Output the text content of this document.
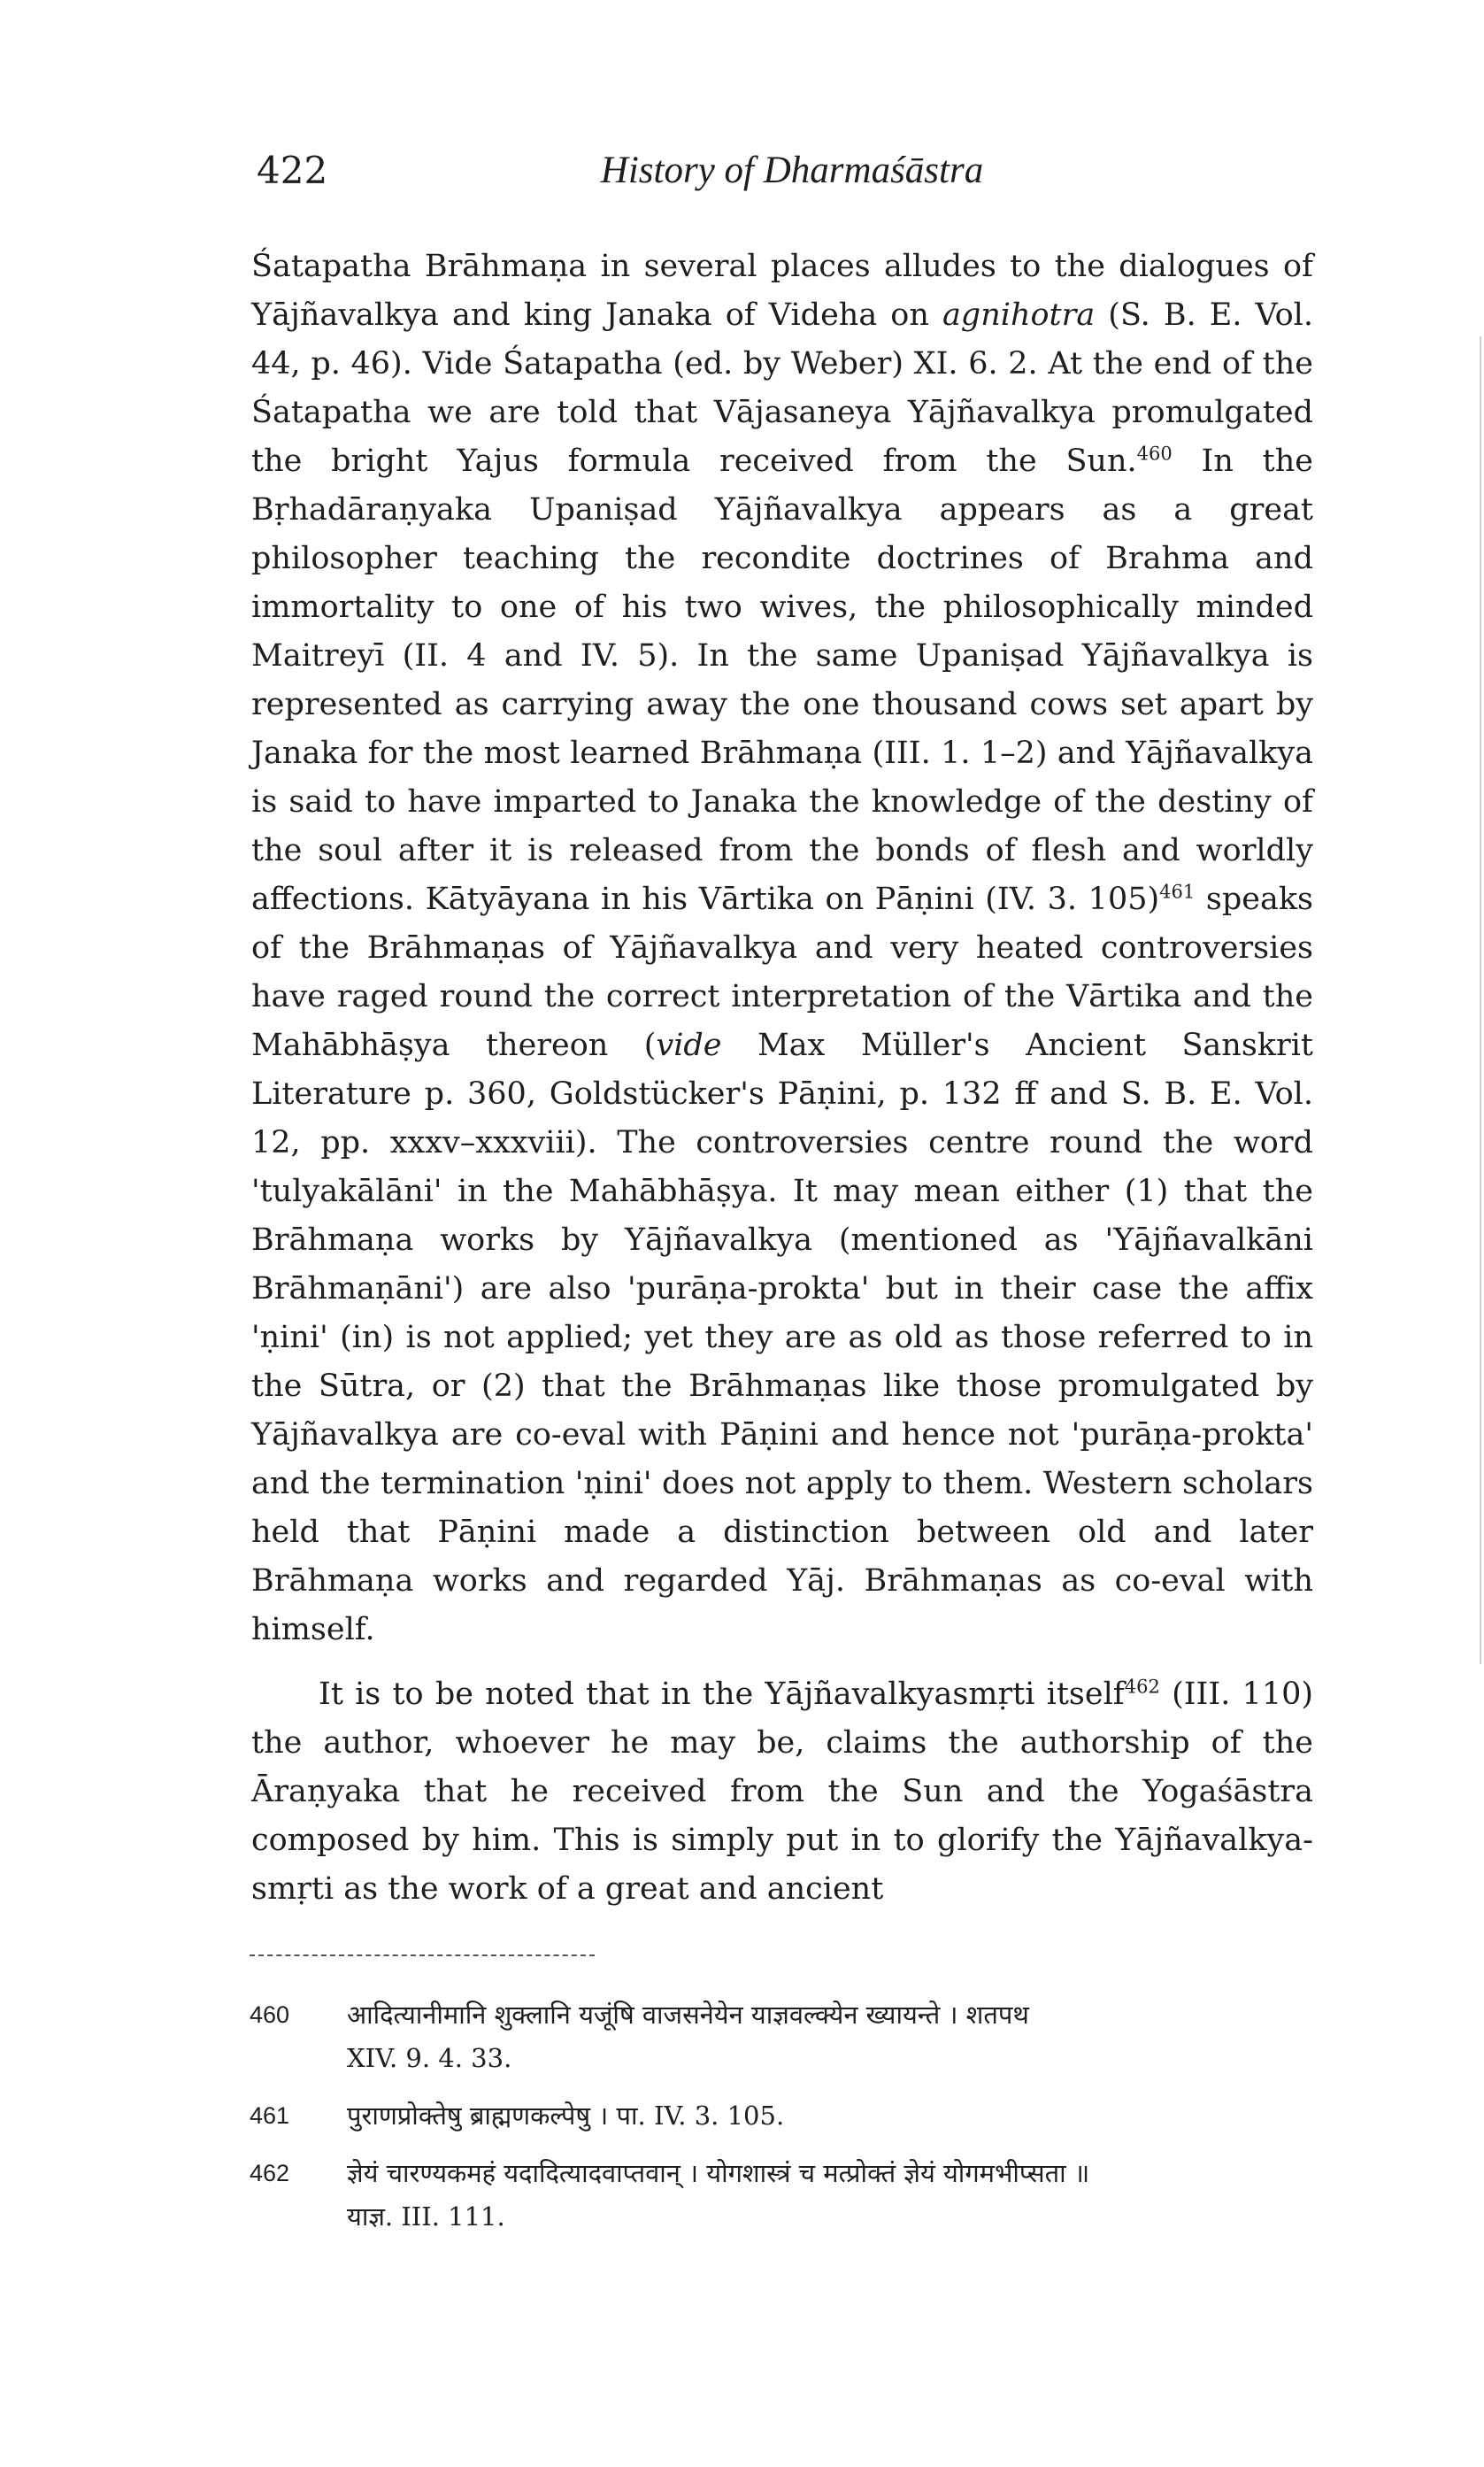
422	History of Dharmaśāstra

Śatapatha Brāhmaṇa in several places alludes to the dialogues of Yājñavalkya and king Janaka of Videha on agnihotra (S. B. E. Vol. 44, p. 46). Vide Śatapatha (ed. by Weber) XI. 6. 2. At the end of the Śatapatha we are told that Vājasaneya Yājñavalkya promulgated the bright Yajus formula received from the Sun.$^{460}$ In the Bṛhadāraṇyaka Upaniṣad Yājñavalkya appears as a great philosopher teaching the recondite doctrines of Brahma and immortality to one of his two wives, the philosophically minded Maitreyī (II. 4 and IV. 5). In the same Upaniṣad Yājñavalkya is represented as carrying away the one thousand cows set apart by Janaka for the most learned Brāhmaṇa (III. 1. 1–2) and Yājñavalkya is said to have imparted to Janaka the knowledge of the destiny of the soul after it is released from the bonds of flesh and worldly affections. Kātyāyana in his Vārtika on Pāṇini (IV. 3. 105)$^{461}$ speaks of the Brāhmaṇas of Yājñavalkya and very heated controversies have raged round the correct interpretation of the Vārtika and the Mahābhāṣya thereon (vide Max Müller's Ancient Sanskrit Literature p. 360, Goldstücker's Pāṇini, p. 132 ff and S. B. E. Vol. 12, pp. xxxv–xxxviii). The controversies centre round the word 'tulyakālāni' in the Mahābhāṣya. It may mean either (1) that the Brāhmaṇa works by Yājñavalkya (mentioned as 'Yājñavalkāni Brāhmaṇāni') are also 'purāṇa-prokta' but in their case the affix 'ṇini' (in) is not applied; yet they are as old as those referred to in the Sūtra, or (2) that the Brāhmaṇas like those promulgated by Yājñavalkya are co-eval with Pāṇini and hence not 'purāṇa-prokta' and the termination 'ṇini' does not apply to them. Western scholars held that Pāṇini made a distinction between old and later Brāhmaṇa works and regarded Yāj. Brāhmaṇas as co-eval with himself.

It is to be noted that in the Yājñavalkyasmṛti itself$^{462}$ (III. 110) the author, whoever he may be, claims the authorship of the Āraṇyaka that he received from the Sun and the Yogaśāstra composed by him. This is simply put in to glorify the Yājñavalkya-smṛti as the work of a great and ancient

460	आदित्यानीमानि शुक्लानि यजूंषि वाजसनेयेन याज्ञवल्क्येन ख्यायन्ते । शतपथ
XIV. 9. 4. 33.
461	पुराणप्रोक्तेषु ब्राह्मणकल्पेषु । पा. IV. 3. 105.
462	ज्ञेयं चारण्यकमहं यदादित्यादवाप्तवान् । योगशास्त्रं च मत्प्रोक्तं ज्ञेयं योगमभीप्सता ॥
याज्ञ. III. 111.
